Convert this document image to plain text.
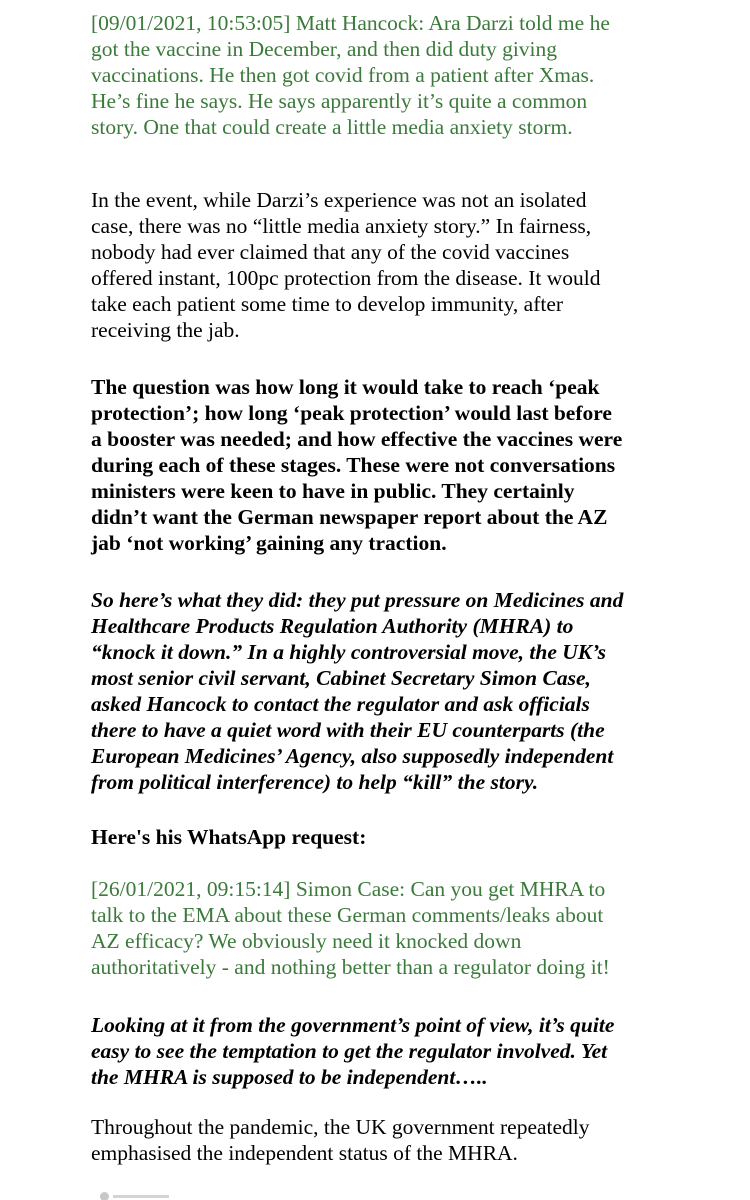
[09/01/2021, 10:53:05] Matt Hancock: Ara Darzi told me he
got the vaccine in December, and then did duty giving
vaccinations. He then got covid from a patient after Xmas.
He’s fine he says. He says apparently it’s quite a common
story. One that could create a little media anxiety storm.
In the event, while Darzi’s experience was not an isolated
case, there was no “little media anxiety story.” In fairness,
nobody had ever claimed that any of the covid vaccines
offered instant, 100pc protection from the disease. It would
take each patient some time to develop immunity, after
receiving the jab.
The question was how long it would take to reach ‘peak
protection’; how long ‘peak protection’ would last before
a booster was needed; and how effective the vaccines were
during each of these stages. These were not conversations
ministers were keen to have in public. They certainly
didn’t want the German newspaper report about the AZ
jab ‘not working’ gaining any traction.
So here’s what they did: they put pressure on Medicines and
Healthcare Products Regulation Authority (MHRA) to
“knock it down.” In a highly controversial move, the UK’s
most senior civil servant, Cabinet Secretary Simon Case,
asked Hancock to contact the regulator and ask officials
there to have a quiet word with their EU counterparts (the
European Medicines’ Agency, also supposedly independent
from political interference) to help “kill” the story.
Here's his WhatsApp request:
[26/01/2021, 09:15:14] Simon Case: Can you get MHRA to
talk to the EMA about these German comments/leaks about
AZ efficacy? We obviously need it knocked down
authoritatively - and nothing better than a regulator doing it!
Looking at it from the government’s point of view, it’s quite
easy to see the temptation to get the regulator involved. Yet
the MHRA is supposed to be independent…..
Throughout the pandemic, the UK government repeatedly
emphasised the independent status of the MHRA.
